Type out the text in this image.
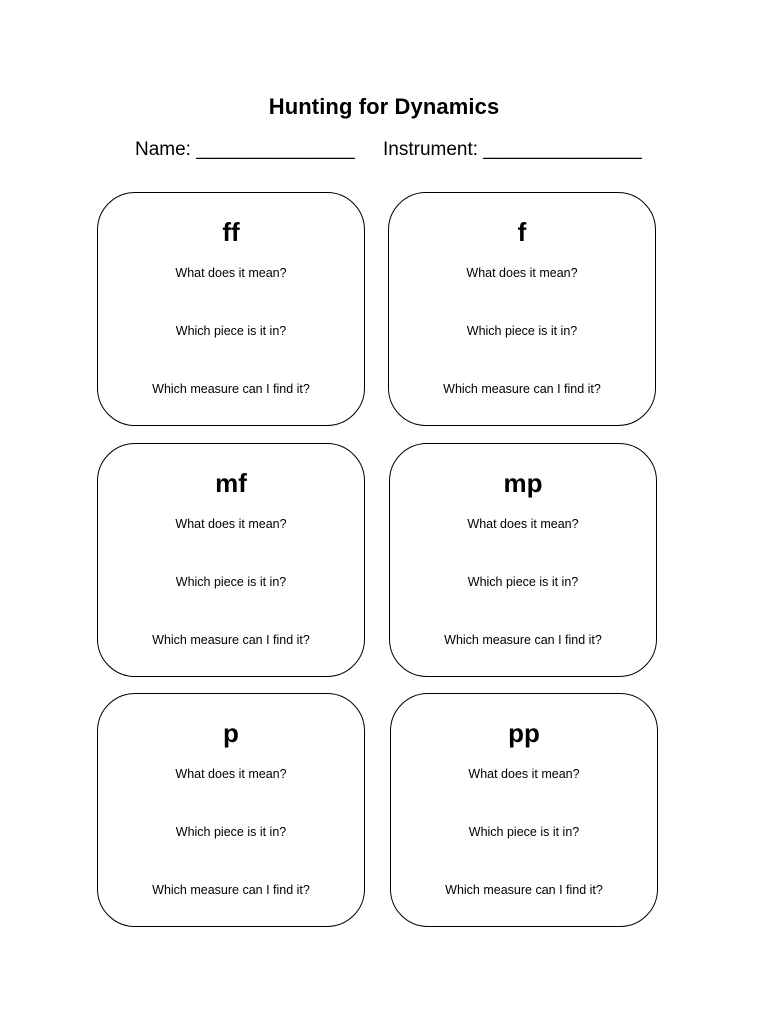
Hunting for Dynamics
Name: _______________ Instrument: _______________
ff
What does it mean?
Which piece is it in?
Which measure can I find it?
f
What does it mean?
Which piece is it in?
Which measure can I find it?
mf
What does it mean?
Which piece is it in?
Which measure can I find it?
mp
What does it mean?
Which piece is it in?
Which measure can I find it?
p
What does it mean?
Which piece is it in?
Which measure can I find it?
pp
What does it mean?
Which piece is it in?
Which measure can I find it?
